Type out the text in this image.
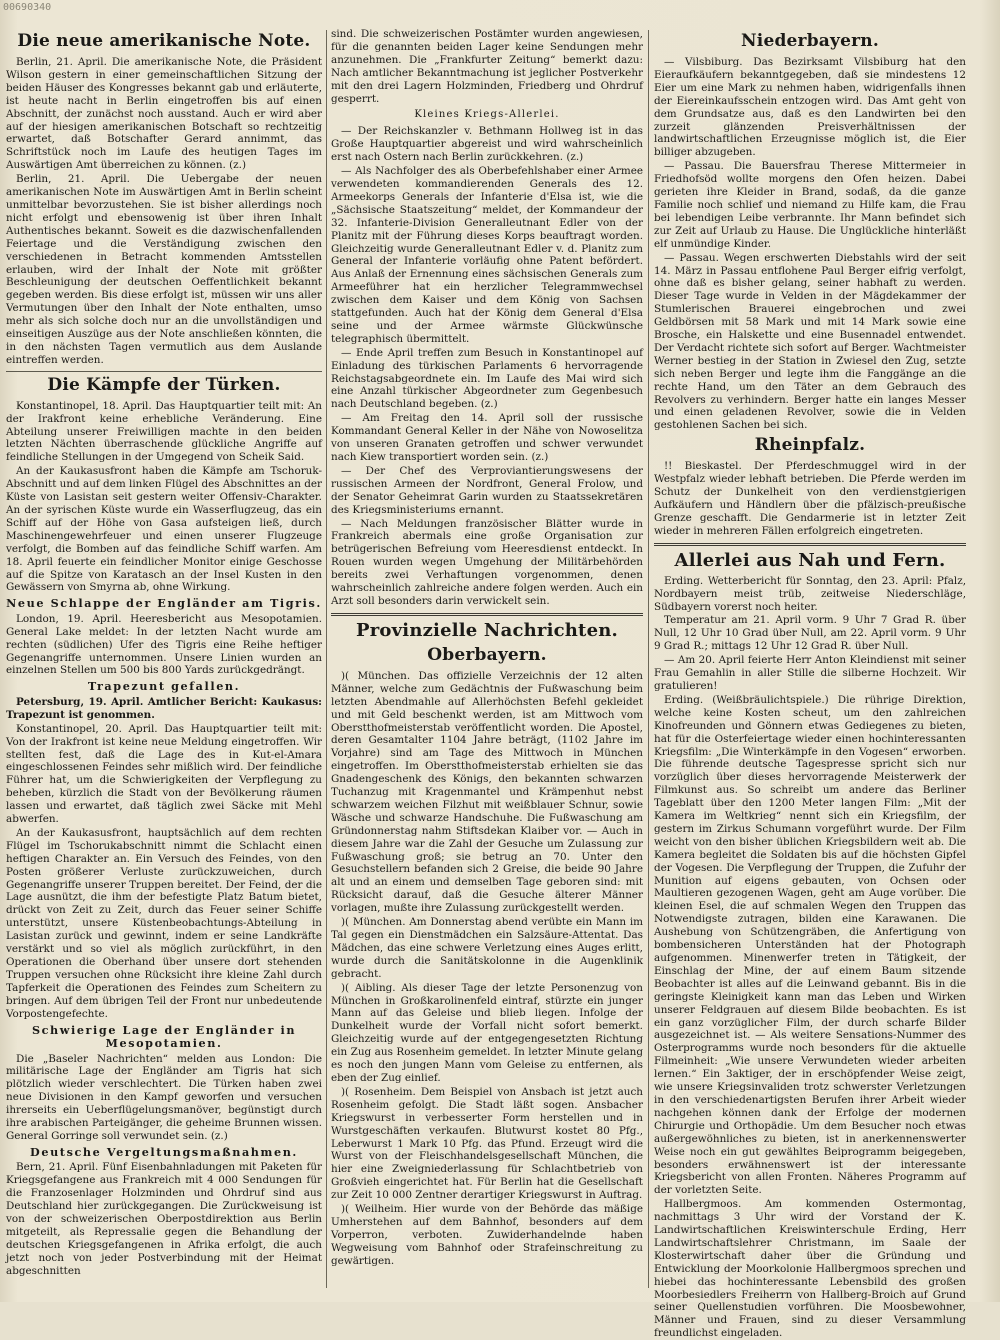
00690340
Die neue amerikanische Note.

Berlin, 21. April. Die amerikanische Note, die Präsident Wilson gestern in einer gemeinschaftlichen Sitzung der beiden Häuser des Kongresses bekannt gab und erläuterte, ist heute nacht in Berlin eingetroffen bis auf einen Abschnitt, der zunächst noch ausstand. Auch er wird aber auf der hiesigen amerikanischen Botschaft so rechtzeitig erwartet, daß Botschafter Gerard annimmt, das Schriftstück noch im Laufe des heutigen Tages im Auswärtigen Amt überreichen zu können. (z.)

Berlin, 21. April. Die Uebergabe der neuen amerikanischen Note im Auswärtigen Amt in Berlin scheint unmittelbar bevorzustehen. Sie ist bisher allerdings noch nicht erfolgt und ebensowenig ist über ihren Inhalt Authentisches bekannt. Soweit es die dazwischenfallenden Feiertage und die Verständigung zwischen den verschiedenen in Betracht kommenden Amtsstellen erlauben, wird der Inhalt der Note mit größter Beschleunigung der deutschen Oeffentlichkeit bekannt gegeben werden. Bis diese erfolgt ist, müssen wir uns aller Vermutungen über den Inhalt der Note enthalten, umso mehr als sich solche doch nur an die unvollständigen und einseitigen Auszüge aus der Note anschließen könnten, die in den nächsten Tagen vermutlich aus dem Auslande eintreffen werden.

Die Kämpfe der Türken.

Konstantinopel, 18. April. Das Hauptquartier teilt mit: An der Irakfront keine erhebliche Veränderung. Eine Abteilung unserer Freiwilligen machte in den beiden letzten Nächten überraschende glückliche Angriffe auf feindliche Stellungen in der Umgegend von Scheik Said.

An der Kaukasusfront haben die Kämpfe am Tschoruk-Abschnitt und auf dem linken Flügel des Abschnittes an der Küste von Lasistan seit gestern weiter Offensiv-Charakter. An der syrischen Küste wurde ein Wasserflugzeug, das ein Schiff auf der Höhe von Gasa aufsteigen ließ, durch Maschinengewehrfeuer und einen unserer Flugzeuge verfolgt, die Bomben auf das feindliche Schiff warfen. Am 18. April feuerte ein feindlicher Monitor einige Geschosse auf die Spitze von Karatasch an der Insel Kusten in den Gewässern von Smyrna ab, ohne Wirkung.

Neue Schlappe der Engländer am Tigris.

London, 19. April. Heeresbericht aus Mesopotamien. General Lake meldet: In der letzten Nacht wurde am rechten (südlichen) Ufer des Tigris eine Reihe heftiger Gegenangriffe unternommen. Unsere Linien wurden an einzelnen Stellen um 500 bis 800 Yards zurückgedrängt.

Trapezunt gefallen.

Petersburg, 19. April. Amtlicher Bericht: Kaukasus: Trapezunt ist genommen.

Konstantinopel, 20. April. Das Hauptquartier teilt mit: Von der Irakfront ist keine neue Meldung eingetroffen. Wir stellten fest, daß die Lage des in Kut-el-Amara eingeschlossenen Feindes sehr mißlich wird. Der feindliche Führer hat, um die Schwierigkeiten der Verpflegung zu beheben, kürzlich die Stadt von der Bevölkerung räumen lassen und erwartet, daß täglich zwei Säcke mit Mehl abwerfen.

An der Kaukasusfront, hauptsächlich auf dem rechten Flügel im Tschorukabschnitt nimmt die Schlacht einen heftigen Charakter an. Ein Versuch des Feindes, von den Posten größerer Verluste zurückzuweichen, durch Gegenangriffe unserer Truppen bereitet. Der Feind, der die Lage ausnützt, die ihm der befestigte Platz Batum bietet, drückt von Zeit zu Zeit, durch das Feuer seiner Schiffe unterstützt, unsere Küstenbeobachtungs-Abteilung in Lasistan zurück und gewinnt, indem er seine Landkräfte verstärkt und so viel als möglich zurückführt, in den Operationen die Oberhand über unsere dort stehenden Truppen versuchen ohne Rücksicht ihre kleine Zahl durch Tapferkeit die Operationen des Feindes zum Scheitern zu bringen. Auf dem übrigen Teil der Front nur unbedeutende Vorpostengefechte.

Schwierige Lage der Engländer in Mesopotamien.

Die „Baseler Nachrichten“ melden aus London: Die militärische Lage der Engländer am Tigris hat sich plötzlich wieder verschlechtert. Die Türken haben zwei neue Divisionen in den Kampf geworfen und versuchen ihrerseits ein Ueberflügelungsmanöver, begünstigt durch ihre arabischen Parteigänger, die geheime Brunnen wissen. General Gorringe soll verwundet sein. (z.)

Deutsche Vergeltungsmaßnahmen.

Bern, 21. April. Fünf Eisenbahnladungen mit Paketen für Kriegsgefangene aus Frankreich mit 4 000 Sendungen für die Franzosenlager Holzminden und Ohrdruf sind aus Deutschland hier zurückgegangen. Die Zurückweisung ist von der schweizerischen Oberpostdirektion aus Berlin mitgeteilt, als Repressalie gegen die Behandlung der deutschen Kriegsgefangenen in Afrika erfolgt, die auch jetzt noch von jeder Postverbindung mit der Heimat abgeschnitten

sind. Die schweizerischen Postämter wurden angewiesen, für die genannten beiden Lager keine Sendungen mehr anzunehmen. Die „Frankfurter Zeitung“ bemerkt dazu: Nach amtlicher Bekanntmachung ist jeglicher Postverkehr mit den drei Lagern Holzminden, Friedberg und Ohrdruf gesperrt.

Kleines Kriegs-Allerlei.

— Der Reichskanzler v. Bethmann Hollweg ist in das Große Hauptquartier abgereist und wird wahrscheinlich erst nach Ostern nach Berlin zurückkehren. (z.)

— Als Nachfolger des als Oberbefehlshaber einer Armee verwendeten kommandierenden Generals des 12. Armeekorps Generals der Infanterie d'Elsa ist, wie die „Sächsische Staatszeitung“ meldet, der Kommandeur der 32. Infanterie-Division Generalleutnant Edler von der Planitz mit der Führung dieses Korps beauftragt worden. Gleichzeitig wurde Generalleutnant Edler v. d. Planitz zum General der Infanterie vorläufig ohne Patent befördert. Aus Anlaß der Ernennung eines sächsischen Generals zum Armeeführer hat ein herzlicher Telegrammwechsel zwischen dem Kaiser und dem König von Sachsen stattgefunden. Auch hat der König dem General d'Elsa seine und der Armee wärmste Glückwünsche telegraphisch übermittelt.

— Ende April treffen zum Besuch in Konstantinopel auf Einladung des türkischen Parlaments 6 hervorragende Reichstagsabgeordnete ein. Im Laufe des Mai wird sich eine Anzahl türkischer Abgeordneter zum Gegenbesuch nach Deutschland begeben. (z.)

— Am Freitag den 14. April soll der russische Kommandant General Keller in der Nähe von Nowoselitza von unseren Granaten getroffen und schwer verwundet nach Kiew transportiert worden sein. (z.)

— Der Chef des Verproviantierungswesens der russischen Armeen der Nordfront, General Frolow, und der Senator Geheimrat Garin wurden zu Staatssekretären des Kriegsministeriums ernannt.

— Nach Meldungen französischer Blätter wurde in Frankreich abermals eine große Organisation zur betrügerischen Befreiung vom Heeresdienst entdeckt. In Rouen wurden wegen Umgehung der Militärbehörden bereits zwei Verhaftungen vorgenommen, denen wahrscheinlich zahlreiche andere folgen werden. Auch ein Arzt soll besonders darin verwickelt sein.

Provinzielle Nachrichten.
Oberbayern.

)( München. Das offizielle Verzeichnis der 12 alten Männer, welche zum Gedächtnis der Fußwaschung beim letzten Abendmahle auf Allerhöchsten Befehl gekleidet und mit Geld beschenkt werden, ist am Mittwoch vom Oberstthofmeisterstab veröffentlicht worden. Die Apostel, deren Gesamtalter 1104 Jahre beträgt, (1102 Jahre im Vorjahre) sind am Tage des Mittwoch in München eingetroffen. Im Oberstthofmeisterstab erhielten sie das Gnadengeschenk des Königs, den bekannten schwarzen Tuchanzug mit Kragenmantel und Krämpenhut nebst schwarzem weichen Filzhut mit weißblauer Schnur, sowie Wäsche und schwarze Handschuhe. Die Fußwaschung am Gründonnerstag nahm Stiftsdekan Klaiber vor. — Auch in diesem Jahre war die Zahl der Gesuche um Zulassung zur Fußwaschung groß; sie betrug an 70. Unter den Gesuchstellern befanden sich 2 Greise, die beide 90 Jahre alt und an einem und demselben Tage geboren sind: mit Rücksicht darauf, daß die Gesuche älterer Männer vorlagen, mußte ihre Zulassung zurückgestellt werden.

)( München. Am Donnerstag abend verübte ein Mann im Tal gegen ein Dienstmädchen ein Salzsäure-Attentat. Das Mädchen, das eine schwere Verletzung eines Auges erlitt, wurde durch die Sanitätskolonne in die Augenklinik gebracht.

)( Aibling. Als dieser Tage der letzte Personenzug von München in Großkarolinenfeld eintraf, stürzte ein junger Mann auf das Geleise und blieb liegen. Infolge der Dunkelheit wurde der Vorfall nicht sofort bemerkt. Gleichzeitig wurde auf der entgegengesetzten Richtung ein Zug aus Rosenheim gemeldet. In letzter Minute gelang es noch den jungen Mann vom Geleise zu entfernen, als eben der Zug einlief.

)( Rosenheim. Dem Beispiel von Ansbach ist jetzt auch Rosenheim gefolgt. Die Stadt läßt sogen. Ansbacher Kriegswurst in verbesserter Form herstellen und in Wurstgeschäften verkaufen. Blutwurst kostet 80 Pfg., Leberwurst 1 Mark 10 Pfg. das Pfund. Erzeugt wird die Wurst von der Fleischhandelsgesellschaft München, die hier eine Zweigniederlassung für Schlachtbetrieb von Großvieh eingerichtet hat. Für Berlin hat die Gesellschaft zur Zeit 10 000 Zentner derartiger Kriegswurst in Auftrag.

)( Weilheim. Hier wurde von der Behörde das mäßige Umherstehen auf dem Bahnhof, besonders auf dem Vorperron, verboten. Zuwiderhandelnde haben Wegweisung vom Bahnhof oder Strafeinschreitung zu gewärtigen.

Niederbayern.

— Vilsbiburg. Das Bezirksamt Vilsbiburg hat den Eieraufkäufern bekanntgegeben, daß sie mindestens 12 Eier um eine Mark zu nehmen haben, widrigenfalls ihnen der Eiereinkaufsschein entzogen wird. Das Amt geht von dem Grundsatze aus, daß es den Landwirten bei den zurzeit glänzenden Preisverhältnissen der landwirtschaftlichen Erzeugnisse möglich ist, die Eier billiger abzugeben.

— Passau. Die Bauersfrau Therese Mittermeier in Friedhofsöd wollte morgens den Ofen heizen. Dabei gerieten ihre Kleider in Brand, sodaß, da die ganze Familie noch schlief und niemand zu Hilfe kam, die Frau bei lebendigen Leibe verbrannte. Ihr Mann befindet sich zur Zeit auf Urlaub zu Hause. Die Unglückliche hinterläßt elf unmündige Kinder.

— Passau. Wegen erschwerten Diebstahls wird der seit 14. März in Passau entflohene Paul Berger eifrig verfolgt, ohne daß es bisher gelang, seiner habhaft zu werden. Dieser Tage wurde in Velden in der Mägdekammer der Stumlerischen Brauerei eingebrochen und zwei Geldbörsen mit 58 Mark und mit 14 Mark sowie eine Brosche, ein Halskette und eine Busennadel entwendet. Der Verdacht richtete sich sofort auf Berger. Wachtmeister Werner bestieg in der Station in Zwiesel den Zug, setzte sich neben Berger und legte ihm die Fanggänge an die rechte Hand, um den Täter an dem Gebrauch des Revolvers zu verhindern. Berger hatte ein langes Messer und einen geladenen Revolver, sowie die in Velden gestohlenen Sachen bei sich.

Rheinpfalz.

!! Bieskastel. Der Pferdeschmuggel wird in der Westpfalz wieder lebhaft betrieben. Die Pferde werden im Schutz der Dunkelheit von den verdienstgierigen Aufkäufern und Händlern über die pfälzisch-preußische Grenze geschafft. Die Gendarmerie ist in letzter Zeit wieder in mehreren Fällen erfolgreich eingetreten.

Allerlei aus Nah und Fern.

Erding. Wetterbericht für Sonntag, den 23. April: Pfalz, Nordbayern meist trüb, zeitweise Niederschläge, Südbayern vorerst noch heiter.

Temperatur am 21. April vorm. 9 Uhr 7 Grad R. über Null, 12 Uhr 10 Grad über Null, am 22. April vorm. 9 Uhr 9 Grad R.; mittags 12 Uhr 12 Grad R. über Null.

— Am 20. April feierte Herr Anton Kleindienst mit seiner Frau Gemahlin in aller Stille die silberne Hochzeit. Wir gratulieren!

Erding. (Weißbräulichtspiele.) Die rührige Direktion, welche keine Kosten scheut, um den zahlreichen Kinofreunden und Gönnern etwas Gediegenes zu bieten, hat für die Osterfeiertage wieder einen hochinteressanten Kriegsfilm: „Die Winterkämpfe in den Vogesen“ erworben. Die führende deutsche Tagespresse spricht sich nur vorzüglich über dieses hervorragende Meisterwerk der Filmkunst aus. So schreibt um andere das Berliner Tageblatt über den 1200 Meter langen Film: „Mit der Kamera im Weltkrieg“ nennt sich ein Kriegsfilm, der gestern im Zirkus Schumann vorgeführt wurde. Der Film weicht von den bisher üblichen Kriegsbildern weit ab. Die Kamera begleitet die Soldaten bis auf die höchsten Gipfel der Vogesen. Die Verpflegung der Truppen, die Zufuhr der Munition auf eigens gebauten, von Ochsen oder Maultieren gezogenen Wagen, geht am Auge vorüber. Die kleinen Esel, die auf schmalen Wegen den Truppen das Notwendigste zutragen, bilden eine Karawanen. Die Aushebung von Schützengräben, die Anfertigung von bombensicheren Unterständen hat der Photograph aufgenommen. Minenwerfer treten in Tätigkeit, der Einschlag der Mine, der auf einem Baum sitzende Beobachter ist alles auf die Leinwand gebannt. Bis in die geringste Kleinigkeit kann man das Leben und Wirken unserer Feldgrauen auf diesem Bilde beobachten. Es ist ein ganz vorzüglicher Film, der durch scharfe Bilder ausgezeichnet ist. — Als weitere Sensations-Nummer des Osterprogramms wurde noch besonders für die aktuelle Filmeinheit: „Wie unsere Verwundeten wieder arbeiten lernen.“ Ein 3aktiger, der in erschöpfender Weise zeigt, wie unsere Kriegsinvaliden trotz schwerster Verletzungen in den verschiedenartigsten Berufen ihrer Arbeit wieder nachgehen können dank der Erfolge der modernen Chirurgie und Orthopädie. Um dem Besucher noch etwas außergewöhnliches zu bieten, ist in anerkennenswerter Weise noch ein gut gewähltes Beiprogramm beigegeben, besonders erwähnenswert ist der interessante Kriegsbericht von allen Fronten. Näheres Programm auf der vorletzten Seite.

Hallbergmoos. Am kommenden Ostermontag, nachmittags 3 Uhr wird der Vorstand der K. Landwirtschaftlichen Kreiswinterschule Erding, Herr Landwirtschaftslehrer Christmann, im Saale der Klosterwirtschaft daher über die Gründung und Entwicklung der Moorkolonie Hallbergmoos sprechen und hiebei das hochinteressante Lebensbild des großen Moorbesiedlers Freiherrn von Hallberg-Broich auf Grund seiner Quellenstudien vorführen. Die Moosbewohner, Männer und Frauen, sind zu dieser Versammlung freundlichst eingeladen.
